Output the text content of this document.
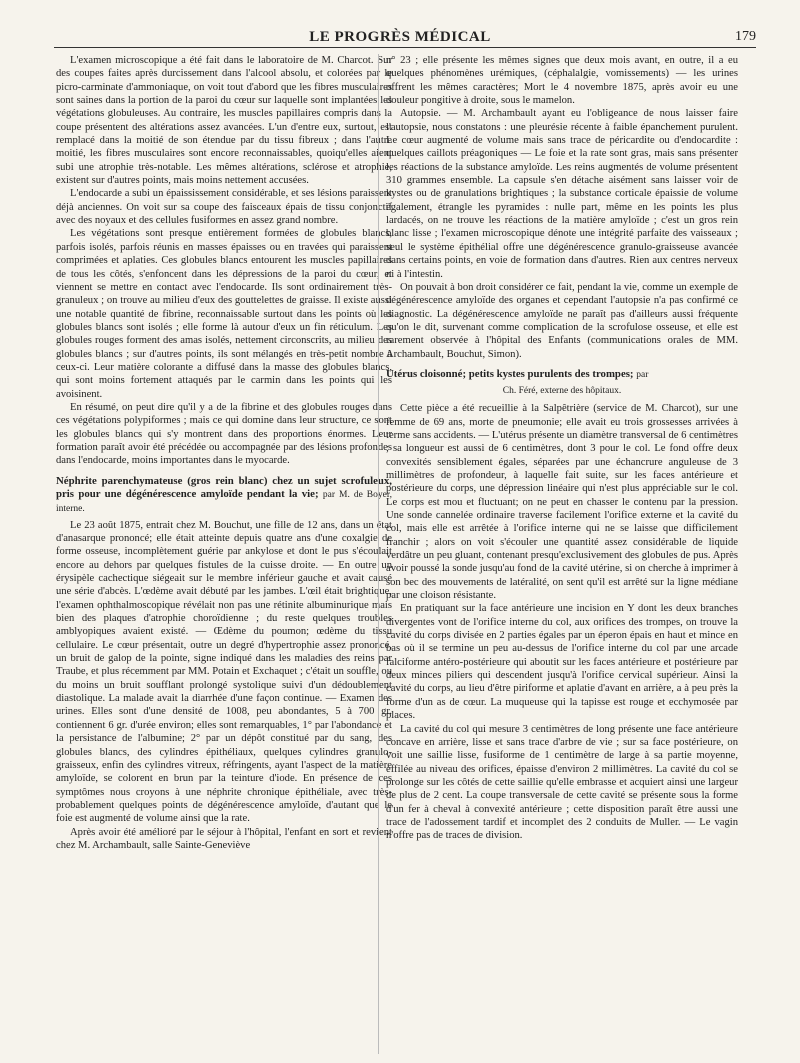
LE PROGRÈS MÉDICAL	179

L'examen microscopique a été fait dans le laboratoire de M. Charcot. Sur des coupes faites après durcissement dans l'alcool absolu, et colorées par le picro-carminate d'ammoniaque, on voit tout d'abord que les fibres musculaires sont saines dans la portion de la paroi du cœur sur laquelle sont implantées les végétations globuleuses. Au contraire, les muscles papillaires compris dans la coupe présentent des altérations assez avancées. L'un d'entre eux, surtout, est remplacé dans la moitié de son étendue par du tissu fibreux ; dans l'autre moitié, les fibres musculaires sont encore reconnaissables, quoiqu'elles aient subi une atrophie très-notable. Les mêmes altérations, sclérose et atrophie, existent sur d'autres points, mais moins nettement accusées.

L'endocarde a subi un épaississement considérable, et ses lésions paraissent déjà anciennes. On voit sur sa coupe des faisceaux épais de tissu conjonctif avec des noyaux et des cellules fusiformes en assez grand nombre.

Les végétations sont presque entièrement formées de globules blancs, parfois isolés, parfois réunis en masses épaisses ou en travées qui paraissent comprimées et aplaties. Ces globules blancs entourent les muscles papillaires de tous les côtés, s'enfoncent dans les dépressions de la paroi du cœur, et viennent se mettre en contact avec l'endocarde. Ils sont ordinairement très-granuleux ; on trouve au milieu d'eux des gouttelettes de graisse. Il existe aussi une notable quantité de fibrine, reconnaissable surtout dans les points où les globules blancs sont isolés ; elle forme là autour d'eux un fin réticulum. Les globules rouges forment des amas isolés, nettement circonscrits, au milieu des globules blancs ; sur d'autres points, ils sont mélangés en très-petit nombre à ceux-ci. Leur matière colorante a diffusé dans la masse des globules blancs, qui sont moins fortement attaqués par le carmin dans les points qui les avoisinent.

En résumé, on peut dire qu'il y a de la fibrine et des globules rouges dans ces végétations polypiformes ; mais ce qui domine dans leur structure, ce sont les globules blancs qui s'y montrent dans des proportions énormes. Leur formation paraît avoir été précédée ou accompagnée par des lésions profondes dans l'endocarde, moins importantes dans le myocarde.

Néphrite parenchymateuse (gros rein blanc) chez un sujet scrofuleux, pris pour une dégénérescence amyloïde pendant la vie; par M. de Boyer, interne.

Le 23 août 1875, entrait chez M. Bouchut, une fille de 12 ans, dans un état d'anasarque prononcé; elle était atteinte depuis quatre ans d'une coxalgie de forme osseuse, incomplètement guérie par ankylose et dont le pus s'écoulait encore au dehors par quelques fistules de la cuisse droite. — En outre un érysipèle cachectique siégeait sur le membre inférieur gauche et avait causé une série d'abcès. L'œdème avait débuté par les jambes. L'œil était brightique, l'examen ophthalmoscopique révélait non pas une rétinite albuminurique mais bien des plaques d'atrophie choroïdienne ; du reste quelques troubles amblyopiques avaient existé. — Œdème du poumon; œdème du tissu cellulaire. Le cœur présentait, outre un degré d'hypertrophie assez prononcé, un bruit de galop de la pointe, signe indiqué dans les maladies des reins par Traube, et plus récemment par MM. Potain et Exchaquet ; c'était un souffle, ou du moins un bruit soufflant prolongé systolique suivi d'un dédoublement diastolique. La malade avait la diarrhée d'une façon continue. — Examen des urines. Elles sont d'une densité de 1008, peu abondantes, 5 à 700 gr. contiennent 6 gr. d'urée environ; elles sont remarquables, 1° par l'abondance et la persistance de l'albumine; 2° par un dépôt constitué par du sang, des globules blancs, des cylindres épithéliaux, quelques cylindres granulo-graisseux, enfin des cylindres vitreux, réfringents, ayant l'aspect de la matière amyloïde, se colorent en brun par la teinture d'iode. En présence de ces symptômes nous croyons à une néphrite chronique épithéliale, avec très-probablement quelques points de dégénérescence amyloïde, d'autant que le foie est augmenté de volume ainsi que la rate.

Après avoir été amélioré par le séjour à l'hôpital, l'enfant en sort et revient chez M. Archambault, salle Sainte-Geneviève

n° 23 ; elle présente les mêmes signes que deux mois avant, en outre, il a eu quelques phénomènes urémiques, (céphalalgie, vomissements) — les urines offrent les mêmes caractères; Mort le 4 novembre 1875, après avoir eu une douleur pongitive à droite, sous le mamelon.

Autopsie. — M. Archambault ayant eu l'obligeance de nous laisser faire l'autopsie, nous constatons : une pleurésie récente à faible épanchement purulent. Le cœur augmenté de volume mais sans trace de péricardite ou d'endocardite : quelques caillots préagoniques — Le foie et la rate sont gras, mais sans présenter les réactions de la substance amyloïde. Les reins augmentés de volume présentent 310 grammes ensemble. La capsule s'en détache aisément sans laisser voir de kystes ou de granulations brightiques ; la substance corticale épaissie de volume également, étrangle les pyramides : nulle part, même en les points les plus lardacés, on ne trouve les réactions de la matière amyloïde ; c'est un gros rein blanc lisse ; l'examen microscopique dénote une intégrité parfaite des vaisseaux ; seul le système épithélial offre une dégénérescence granulo-graisseuse avancée dans certains points, en voie de formation dans d'autres. Rien aux centres nerveux ni à l'intestin.

On pouvait à bon droit considérer ce fait, pendant la vie, comme un exemple de dégénérescence amyloïde des organes et cependant l'autopsie n'a pas confirmé ce diagnostic. La dégénérescence amyloïde ne paraît pas d'ailleurs aussi fréquente qu'on le dit, survenant comme complication de la scrofulose osseuse, et elle est rarement observée à l'hôpital des Enfants (communications orales de MM. Archambault, Bouchut, Simon).

Utérus cloisonné; petits kystes purulents des trompes; par
Ch. Féré, externe des hôpitaux.

Cette pièce a été recueillie à la Salpêtrière (service de M. Charcot), sur une femme de 69 ans, morte de pneumonie; elle avait eu trois grossesses arrivées à terme sans accidents. — L'utérus présente un diamètre transversal de 6 centimètres ; sa longueur est aussi de 6 centimètres, dont 3 pour le col. Le fond offre deux convexités sensiblement égales, séparées par une échancrure anguleuse de 3 millimètres de profondeur, à laquelle fait suite, sur les faces antérieure et postérieure du corps, une dépression linéaire qui n'est plus appréciable sur le col. Le corps est mou et fluctuant; on ne peut en chasser le contenu par la pression. Une sonde cannelée ordinaire traverse facilement l'orifice externe et la cavité du col, mais elle est arrêtée à l'orifice interne qui ne se laisse que difficilement franchir ; alors on voit s'écouler une quantité assez considérable de liquide verdâtre un peu gluant, contenant presqu'exclusivement des globules de pus. Après avoir poussé la sonde jusqu'au fond de la cavité utérine, si on cherche à imprimer à son bec des mouvements de latéralité, on sent qu'il est arrêté sur la ligne médiane par une cloison résistante.

En pratiquant sur la face antérieure une incision en Y dont les deux branches divergentes vont de l'orifice interne du col, aux orifices des trompes, on trouve la cavité du corps divisée en 2 parties égales par un éperon épais en haut et mince en bas où il se termine un peu au-dessus de l'orifice interne du col par une arcade falciforme antéro-postérieure qui aboutit sur les faces antérieure et postérieure par deux minces piliers qui descendent jusqu'à l'orifice cervical supérieur. Ainsi la cavité du corps, au lieu d'être piriforme et aplatie d'avant en arrière, a à peu près la forme d'un as de cœur. La muqueuse qui la tapisse est rouge et ecchymosée par places.

La cavité du col qui mesure 3 centimètres de long présente une face antérieure concave en arrière, lisse et sans trace d'arbre de vie ; sur sa face postérieure, on voit une saillie lisse, fusiforme de 1 centimètre de large à sa partie moyenne, effilée au niveau des orifices, épaisse d'environ 2 millimètres. La cavité du col se prolonge sur les côtés de cette saillie qu'elle embrasse et acquiert ainsi une largeur de plus de 2 cent. La coupe transversale de cette cavité se présente sous la forme d'un fer à cheval à convexité antérieure ; cette disposition paraît être aussi une trace de l'adossement tardif et incomplet des 2 conduits de Muller. — Le vagin n'offre pas de traces de division.
